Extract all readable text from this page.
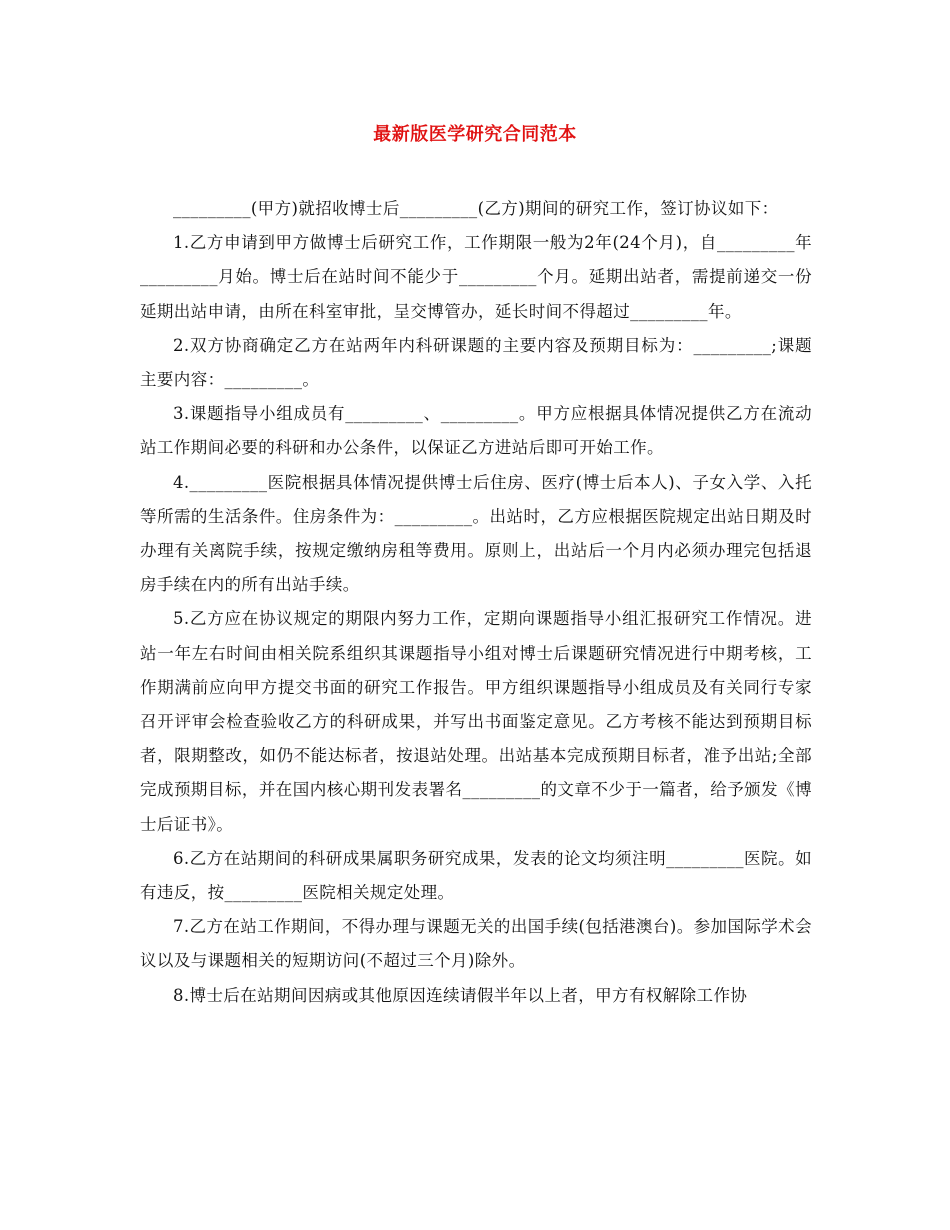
最新版医学研究合同范本

_________(甲方)就招收博士后_________(乙方)期间的研究工作，签订协议如下：

1.乙方申请到甲方做博士后研究工作，工作期限一般为2年(24个月)，自_________年_________月始。博士后在站时间不能少于_________个月。延期出站者，需提前递交一份延期出站申请，由所在科室审批，呈交博管办，延长时间不得超过_________年。

2.双方协商确定乙方在站两年内科研课题的主要内容及预期目标为：_________;课题主要内容：_________。

3.课题指导小组成员有_________、_________。甲方应根据具体情况提供乙方在流动站工作期间必要的科研和办公条件，以保证乙方进站后即可开始工作。

4._________医院根据具体情况提供博士后住房、医疗(博士后本人)、子女入学、入托等所需的生活条件。住房条件为：_________。出站时，乙方应根据医院规定出站日期及时办理有关离院手续，按规定缴纳房租等费用。原则上，出站后一个月内必须办理完包括退房手续在内的所有出站手续。

5.乙方应在协议规定的期限内努力工作，定期向课题指导小组汇报研究工作情况。进站一年左右时间由相关院系组织其课题指导小组对博士后课题研究情况进行中期考核，工作期满前应向甲方提交书面的研究工作报告。甲方组织课题指导小组成员及有关同行专家召开评审会检查验收乙方的科研成果，并写出书面鉴定意见。乙方考核不能达到预期目标者，限期整改，如仍不能达标者，按退站处理。出站基本完成预期目标者，准予出站;全部完成预期目标，并在国内核心期刊发表署名_________的文章不少于一篇者，给予颁发《博士后证书》。

6.乙方在站期间的科研成果属职务研究成果，发表的论文均须注明_________医院。如有违反，按_________医院相关规定处理。

7.乙方在站工作期间，不得办理与课题无关的出国手续(包括港澳台)。参加国际学术会议以及与课题相关的短期访问(不超过三个月)除外。

8.博士后在站期间因病或其他原因连续请假半年以上者，甲方有权解除工作协
